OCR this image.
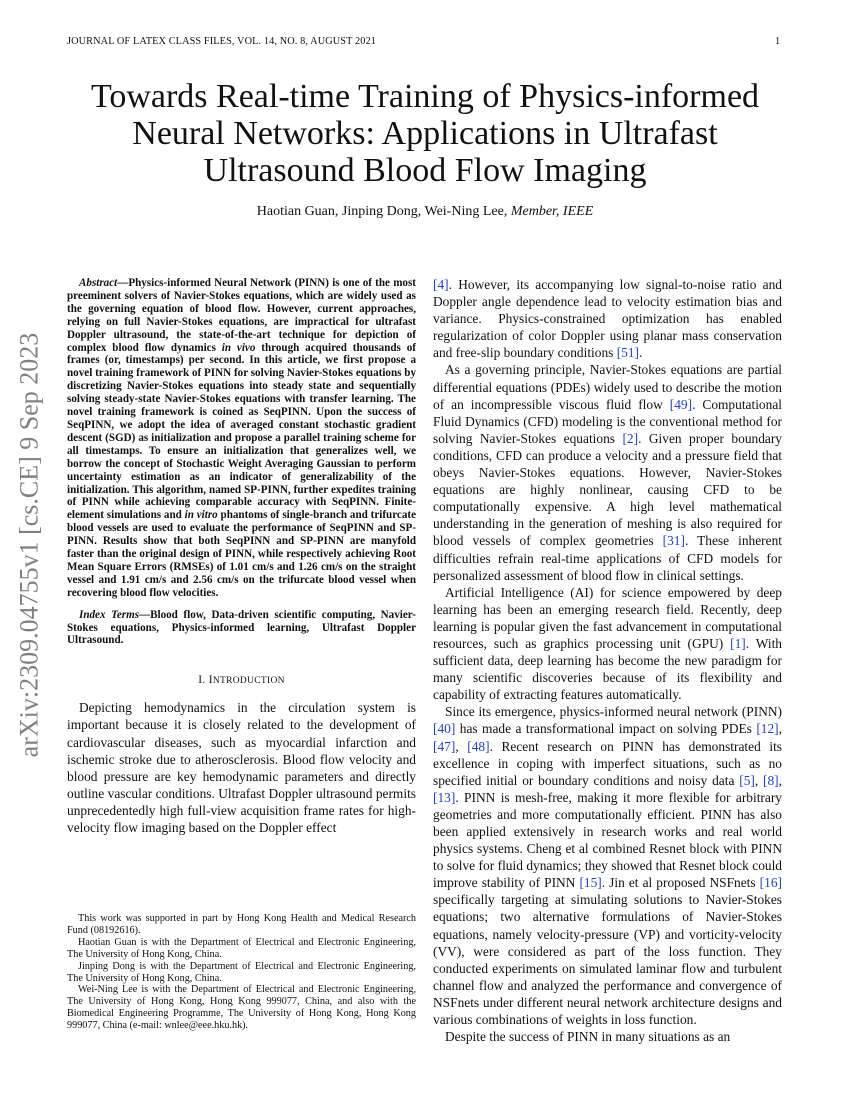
JOURNAL OF LATEX CLASS FILES, VOL. 14, NO. 8, AUGUST 2021	1
arXiv:2309.04755v1 [cs.CE] 9 Sep 2023
Towards Real-time Training of Physics-informed
Neural Networks: Applications in Ultrafast
Ultrasound Blood Flow Imaging
Haotian Guan, Jinping Dong, Wei-Ning Lee, Member, IEEE

Abstract—Physics-informed Neural Network (PINN) is one of the most preeminent solvers of Navier-Stokes equations, which are widely used as the governing equation of blood flow. However, current approaches, relying on full Navier-Stokes equations, are impractical for ultrafast Doppler ultrasound, the state-of-the-art technique for depiction of complex blood flow dynamics in vivo through acquired thousands of frames (or, timestamps) per second. In this article, we first propose a novel training framework of PINN for solving Navier-Stokes equations by discretizing Navier-Stokes equations into steady state and sequentially solving steady-state Navier-Stokes equations with transfer learning. The novel training framework is coined as SeqPINN. Upon the success of SeqPINN, we adopt the idea of averaged constant stochastic gradient descent (SGD) as initialization and propose a parallel training scheme for all timestamps. To ensure an initialization that generalizes well, we borrow the concept of Stochastic Weight Averaging Gaussian to perform uncertainty estimation as an indicator of generalizability of the initialization. This algorithm, named SP-PINN, further expedites training of PINN while achieving comparable accuracy with SeqPINN. Finite-element simulations and in vitro phantoms of single-branch and trifurcate blood vessels are used to evaluate the performance of SeqPINN and SP-PINN. Results show that both SeqPINN and SP-PINN are manyfold faster than the original design of PINN, while respectively achieving Root Mean Square Errors (RMSEs) of 1.01 cm/s and 1.26 cm/s on the straight vessel and 1.91 cm/s and 2.56 cm/s on the trifurcate blood vessel when recovering blood flow velocities.

Index Terms—Blood flow, Data-driven scientific computing, Navier-Stokes equations, Physics-informed learning, Ultrafast Doppler Ultrasound.

I. INTRODUCTION

Depicting hemodynamics in the circulation system is important because it is closely related to the development of cardiovascular diseases, such as myocardial infarction and ischemic stroke due to atherosclerosis. Blood flow velocity and blood pressure are key hemodynamic parameters and directly outline vascular conditions. Ultrafast Doppler ultrasound permits unprecedentedly high full-view acquisition frame rates for high-velocity flow imaging based on the Doppler effect

This work was supported in part by Hong Kong Health and Medical Research Fund (08192616).

Haotian Guan is with the Department of Electrical and Electronic Engineering, The University of Hong Kong, China.

Jinping Dong is with the Department of Electrical and Electronic Engineering, The University of Hong Kong, China.

Wei-Ning Lee is with the Department of Electrical and Electronic Engineering, The University of Hong Kong, Hong Kong 999077, China, and also with the Biomedical Engineering Programme, The University of Hong Kong, Hong Kong 999077, China (e-mail: wnlee@eee.hku.hk).

[4]. However, its accompanying low signal-to-noise ratio and Doppler angle dependence lead to velocity estimation bias and variance. Physics-constrained optimization has enabled regularization of color Doppler using planar mass conservation and free-slip boundary conditions [51].

As a governing principle, Navier-Stokes equations are partial differential equations (PDEs) widely used to describe the motion of an incompressible viscous fluid flow [49]. Computational Fluid Dynamics (CFD) modeling is the conventional method for solving Navier-Stokes equations [2]. Given proper boundary conditions, CFD can produce a velocity and a pressure field that obeys Navier-Stokes equations. However, Navier-Stokes equations are highly nonlinear, causing CFD to be computationally expensive. A high level mathematical understanding in the generation of meshing is also required for blood vessels of complex geometries [31]. These inherent difficulties refrain real-time applications of CFD models for personalized assessment of blood flow in clinical settings.

Artificial Intelligence (AI) for science empowered by deep learning has been an emerging research field. Recently, deep learning is popular given the fast advancement in computational resources, such as graphics processing unit (GPU) [1]. With sufficient data, deep learning has become the new paradigm for many scientific discoveries because of its flexibility and capability of extracting features automatically.

Since its emergence, physics-informed neural network (PINN) [40] has made a transformational impact on solving PDEs [12], [47], [48]. Recent research on PINN has demonstrated its excellence in coping with imperfect situations, such as no specified initial or boundary conditions and noisy data [5], [8], [13]. PINN is mesh-free, making it more flexible for arbitrary geometries and more computationally efficient. PINN has also been applied extensively in research works and real world physics systems. Cheng et al combined Resnet block with PINN to solve for fluid dynamics; they showed that Resnet block could improve stability of PINN [15]. Jin et al proposed NSFnets [16] specifically targeting at simulating solutions to Navier-Stokes equations; two alternative formulations of Navier-Stokes equations, namely velocity-pressure (VP) and vorticity-velocity (VV), were considered as part of the loss function. They conducted experiments on simulated laminar flow and turbulent channel flow and analyzed the performance and convergence of NSFnets under different neural network architecture designs and various combinations of weights in loss function.

Despite the success of PINN in many situations as an
